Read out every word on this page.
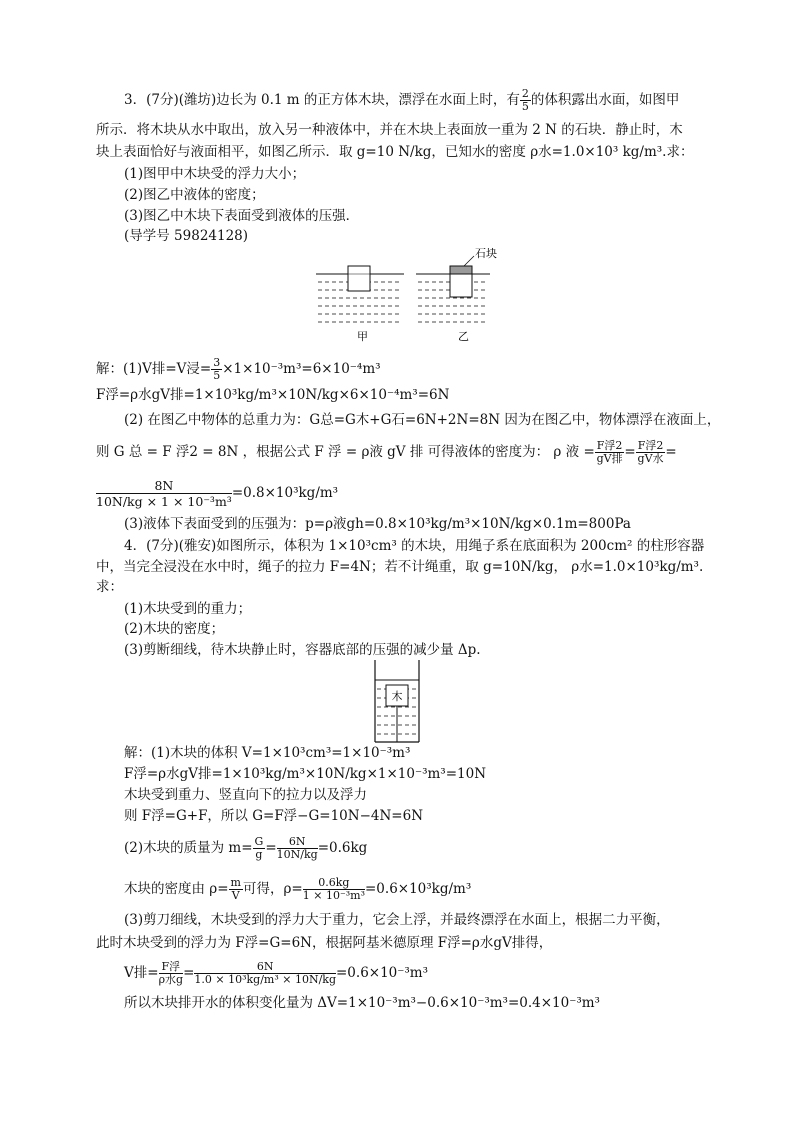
3．(7分)(潍坊)边长为 0.1 m 的正方体木块，漂浮在水面上时，有 $\frac{2}{5}$ 的体积露出水面，如图甲
所示．将木块从水中取出，放入另一种液体中，并在木块上表面放一重为 2 N 的石块．静止时，木
块上表面恰好与液面相平，如图乙所示．取 g=10 N/kg，已知水的密度 ρ水=1.0×10³ kg/m³.求：
(1)图甲中木块受的浮力大小；
(2)图乙中液体的密度；
(3)图乙中木块下表面受到液体的压强．
(导学号 59824128)
石块
甲	乙
解：(1)V排=V浸= $\frac{3}{5} \times 1\times 10^{-3}m^3=6\times 10^{-4}m^3$
F浮=ρ水gV排=1×10³kg/m³×10N/kg×6×10⁻⁴m³=6N
(2) 在图乙中物体的总重力为：G总=G木+G石=6N+2N=8N 因为在图乙中，物体漂浮在液面上，
则 G 总 = F 浮2 = 8N ，根据公式 F 浮 = ρ液 gV 排 可得液体的密度为： ρ 液 = $\frac{\text{F浮2}}{\text{gV排}} = \frac{\text{F浮2}}{\text{gV水}}$ =
$\frac{8N}{\text{10N/kg × 1 × 10⁻³m³}} =0.8\times 10^3kg/m^3$
(3)液体下表面受到的压强为：p=ρ液gh=0.8×10³kg/m³×10N/kg×0.1m=800Pa
4．(7分)(雅安)如图所示，体积为 1×10³cm³ 的木块，用绳子系在底面积为 200cm² 的柱形容器
中，当完全浸没在水中时，绳子的拉力 F=4N；若不计绳重，取 g=10N/kg， ρ水=1.0×10³kg/m³.
求：
(1)木块受到的重力；
(2)木块的密度；
(3)剪断细线，待木块静止时，容器底部的压强的减少量 Δp.
木
解：(1)木块的体积 V=1×10³cm³=1×10⁻³m³
F浮=ρ水gV排=1×10³kg/m³×10N/kg×1×10⁻³m³=10N
木块受到重力、竖直向下的拉力以及浮力
则 F浮=G+F，所以 G=F浮−G=10N−4N=6N
(2)木块的质量为 $m= \frac{G}{g} = \frac{6N}{10N/kg} =0.6kg$
木块的密度由 $\rho= \frac{m}{V}$ 可得，$\rho= \frac{0.6kg}{\text{1 × 10⁻³m³}} =0.6\times 10^3kg/m^3$
(3)剪刀细线，木块受到的浮力大于重力，它会上浮，并最终漂浮在水面上，根据二力平衡，
此时木块受到的浮力为 F浮=G=6N，根据阿基米德原理 F浮=ρ水gV排得，
V排= $\frac{\text{F浮}}{\text{ρ水g}} = \frac{6N}{\text{1.0 × 10³kg/m³ × 10N/kg}} =0.6\times 10^{-3}m^3$
所以木块排开水的体积变化量为 ΔV=1×10⁻³m³−0.6×10⁻³m³=0.4×10⁻³m³
